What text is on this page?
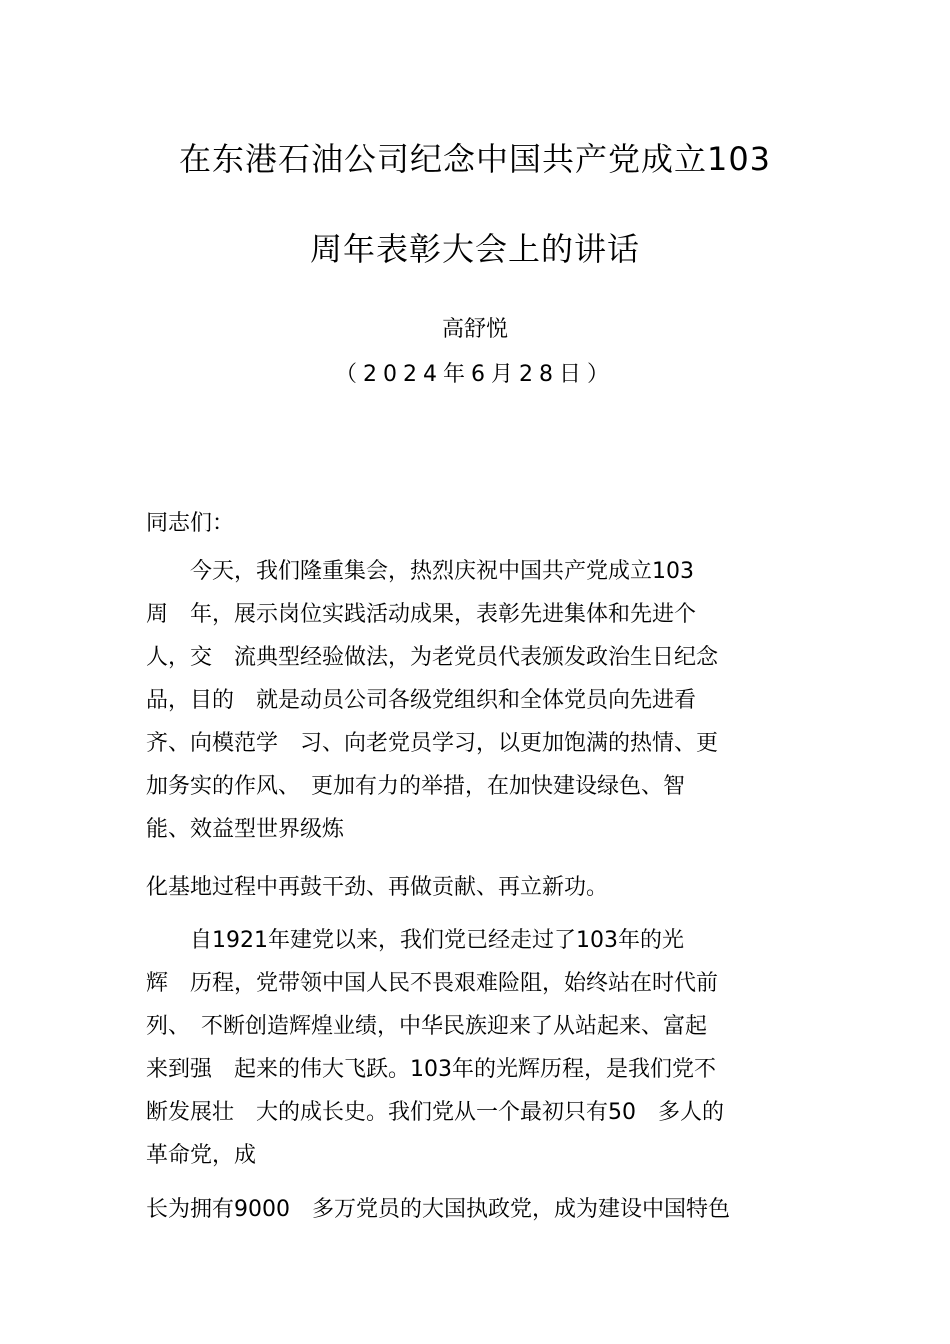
在东港石油公司纪念中国共产党成立103
周年表彰大会上的讲话
高舒悦
（2024年6月28日）
同志们：
　　今天，我们隆重集会，热烈庆祝中国共产党成立103
周　年，展示岗位实践活动成果，表彰先进集体和先进个
人，交　流典型经验做法，为老党员代表颁发政治生日纪念
品，目的　就是动员公司各级党组织和全体党员向先进看
齐、向模范学　习、向老党员学习，以更加饱满的热情、更
加务实的作风、　更加有力的举措，在加快建设绿色、智
能、效益型世界级炼
化基地过程中再鼓干劲、再做贡献、再立新功。
　　自1921年建党以来，我们党已经走过了103年的光
辉　历程，党带领中国人民不畏艰难险阻，始终站在时代前
列、　不断创造辉煌业绩，中华民族迎来了从站起来、富起
来到强　起来的伟大飞跃。103年的光辉历程，是我们党不
断发展壮　大的成长史。我们党从一个最初只有50　多人的
革命党，成
长为拥有9000　多万党员的大国执政党，成为建设中国特色
